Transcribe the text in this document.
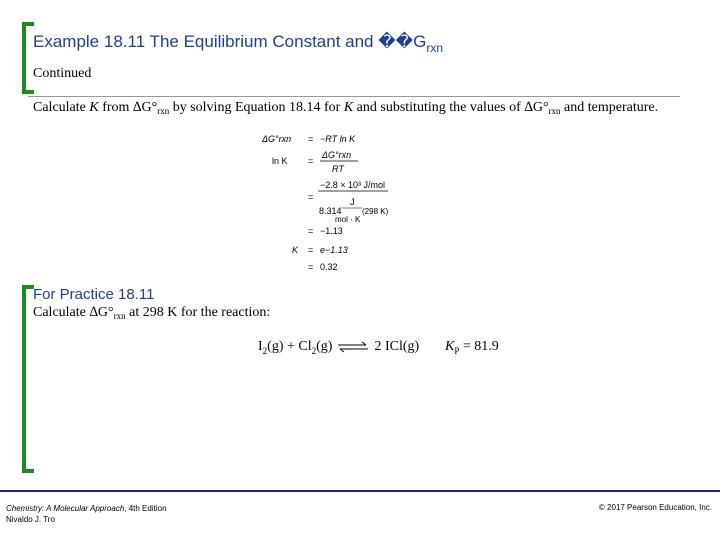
Example 18.11 The Equilibrium Constant and $��G_{rxn}$
Continued
Calculate K from $\Delta G^\circ_{rxn}$ by solving Equation 18.14 for K and substituting the values of $\Delta G^\circ_{rxn}$ and temperature.
ΔG°rxn = −RT ln K
ln K =
ΔG°rxn
RT
=
−2.8 × 10³ J/mol
8.314
J
mol · K
(298 K)
= −1.13
K = e−1.13
= 0.32
For Practice 18.11
Calculate $\Delta G^\circ_{rxn}$ at 298 K for the reaction:
$I_2(g) + Cl_2(g)$ ⇌ 2 ICl(g) $K_P = 81.9$
Chemistry: A Molecular Approach, 4th Edition
Nivaldo J. Tro
© 2017 Pearson Education, Inc.
